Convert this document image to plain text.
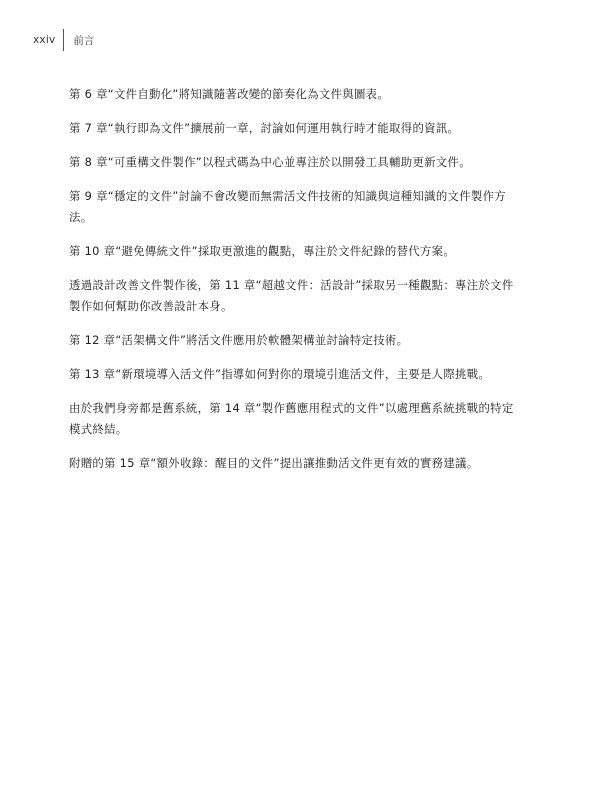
xxiv 前言

第 6 章“文件自動化”將知識隨著改變的節奏化為文件與圖表。

第 7 章“執行即為文件”擴展前一章，討論如何運用執行時才能取得的資訊。

第 8 章“可重構文件製作”以程式碼為中心並專注於以開發工具輔助更新文件。

第 9 章“穩定的文件”討論不會改變而無需活文件技術的知識與這種知識的文件製作方法。

第 10 章“避免傳統文件”採取更激進的觀點，專注於文件紀錄的替代方案。

透過設計改善文件製作後，第 11 章“超越文件：活設計”採取另一種觀點：專注於文件製作如何幫助你改善設計本身。

第 12 章“活架構文件”將活文件應用於軟體架構並討論特定技術。

第 13 章“新環境導入活文件”指導如何對你的環境引進活文件，主要是人際挑戰。

由於我們身旁都是舊系統，第 14 章“製作舊應用程式的文件”以處理舊系統挑戰的特定模式終結。

附贈的第 15 章“額外收錄：醒目的文件”提出讓推動活文件更有效的實務建議。
